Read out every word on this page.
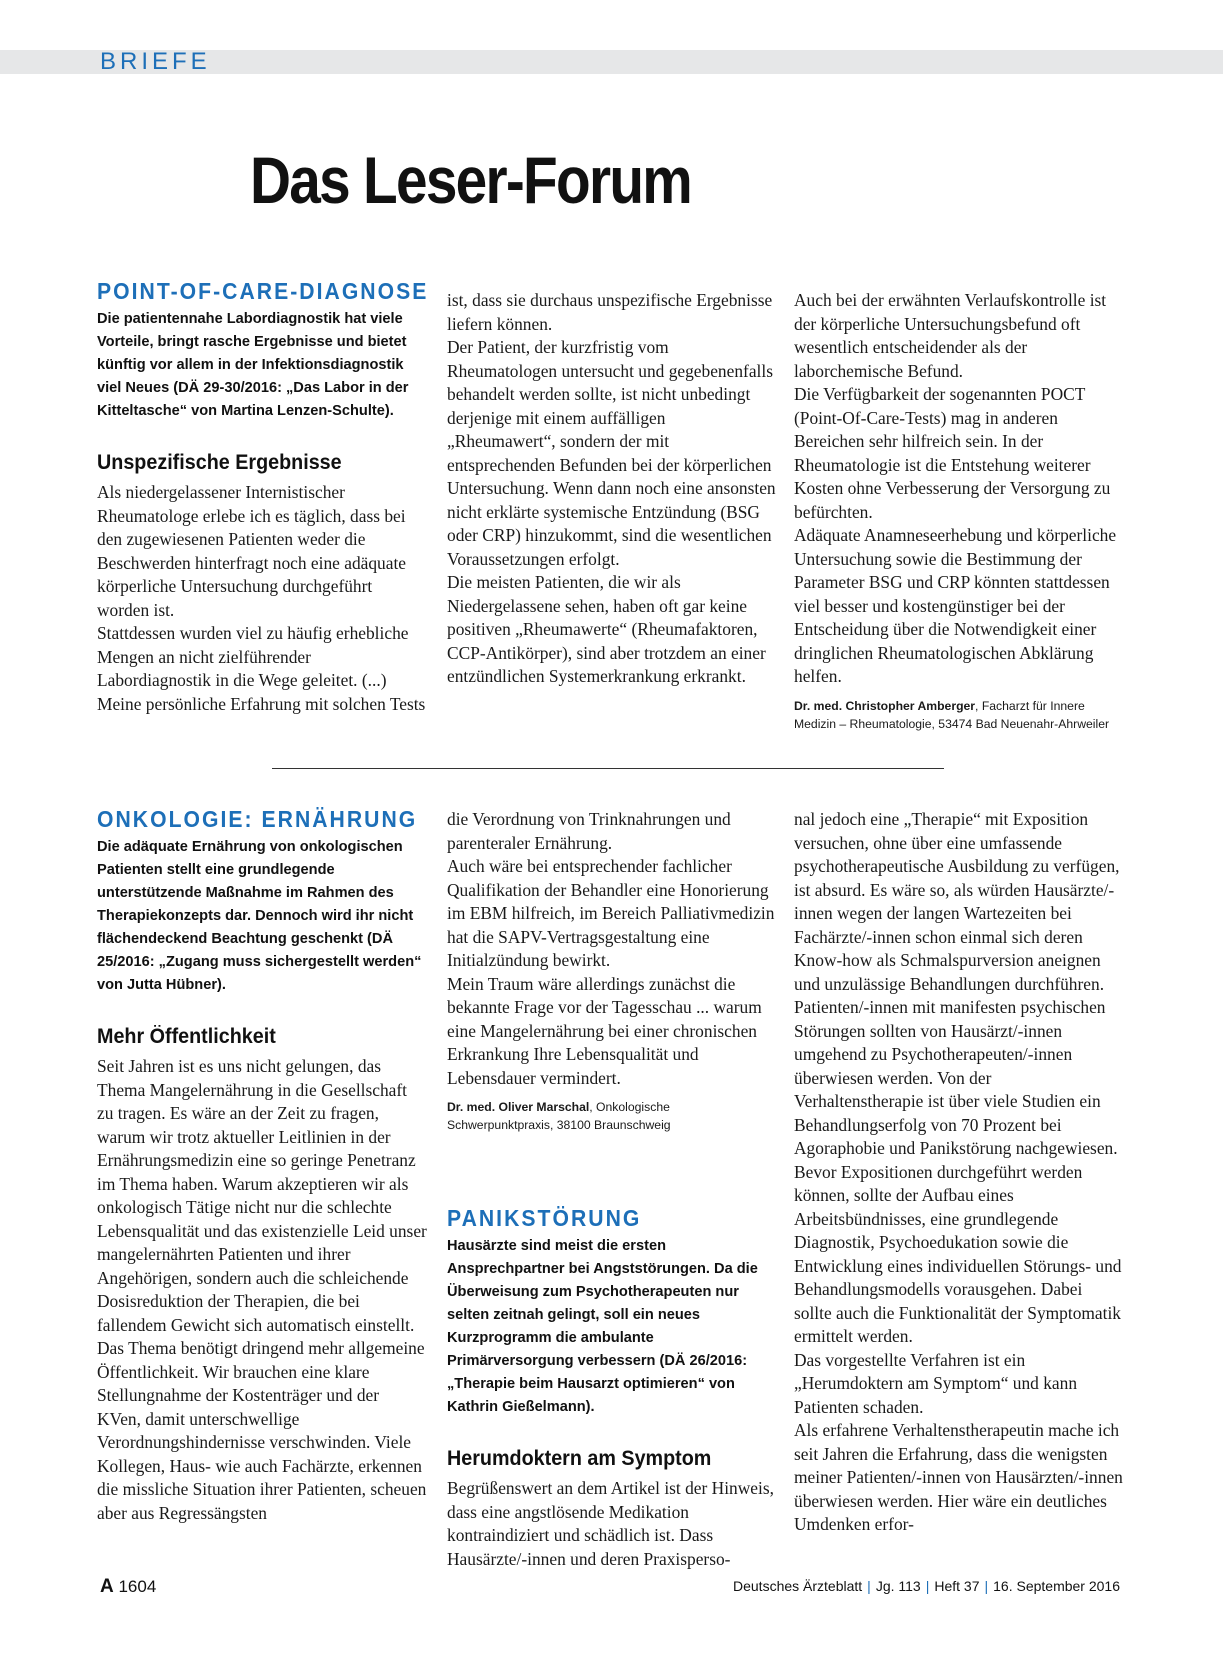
BRIEFE
Das Leser-Forum
POINT-OF-CARE-DIAGNOSE

Die patientennahe Labordiagnostik hat viele Vorteile, bringt rasche Ergebnisse und bietet künftig vor allem in der Infektionsdiagnostik viel Neues (DÄ 29-30/2016: „Das Labor in der Kitteltasche“ von Martina Lenzen-Schulte).

Unspezifische Ergebnisse

Als niedergelassener Internistischer Rheumatologe erlebe ich es täglich, dass bei den zugewiesenen Patienten weder die Beschwerden hinterfragt noch eine adäquate körperliche Untersuchung durchgeführt worden ist.

Stattdessen wurden viel zu häufig erhebliche Mengen an nicht zielführender Labordiagnostik in die Wege geleitet. (...) Meine persönliche Erfahrung mit solchen Tests

ist, dass sie durchaus unspezifische Ergebnisse liefern können.

Der Patient, der kurzfristig vom Rheumatologen untersucht und gegebenenfalls behandelt werden sollte, ist nicht unbedingt derjenige mit einem auffälligen „Rheumawert“, sondern der mit entsprechenden Befunden bei der körperlichen Untersuchung. Wenn dann noch eine ansonsten nicht erklärte systemische Entzündung (BSG oder CRP) hinzukommt, sind die wesentlichen Voraussetzungen erfolgt.

Die meisten Patienten, die wir als Niedergelassene sehen, haben oft gar keine positiven „Rheumawerte“ (Rheumafaktoren, CCP-Antikörper), sind aber trotzdem an einer entzündlichen Systemerkrankung erkrankt.

Auch bei der erwähnten Verlaufskontrolle ist der körperliche Untersuchungsbefund oft wesentlich entscheidender als der laborchemische Befund.

Die Verfügbarkeit der sogenannten POCT (Point-Of-Care-Tests) mag in anderen Bereichen sehr hilfreich sein. In der Rheumatologie ist die Entstehung weiterer Kosten ohne Verbesserung der Versorgung zu befürchten.

Adäquate Anamneseerhebung und körperliche Untersuchung sowie die Bestimmung der Parameter BSG und CRP könnten stattdessen viel besser und kostengünstiger bei der Entscheidung über die Notwendigkeit einer dringlichen Rheumatologischen Abklärung helfen.

Dr. med. Christopher Amberger, Facharzt für Innere Medizin – Rheumatologie, 53474 Bad Neuenahr-Ahrweiler
ONKOLOGIE: ERNÄHRUNG

Die adäquate Ernährung von onkologischen Patienten stellt eine grundlegende unterstützende Maßnahme im Rahmen des Therapiekonzepts dar. Dennoch wird ihr nicht flächendeckend Beachtung geschenkt (DÄ 25/2016: „Zugang muss sichergestellt werden“ von Jutta Hübner).

Mehr Öffentlichkeit

Seit Jahren ist es uns nicht gelungen, das Thema Mangelernährung in die Gesellschaft zu tragen. Es wäre an der Zeit zu fragen, warum wir trotz aktueller Leitlinien in der Ernährungsmedizin eine so geringe Penetranz im Thema haben. Warum akzeptieren wir als onkologisch Tätige nicht nur die schlechte Lebensqualität und das existenzielle Leid unser mangelernährten Patienten und ihrer Angehörigen, sondern auch die schleichende Dosisreduktion der Therapien, die bei fallendem Gewicht sich automatisch einstellt.

Das Thema benötigt dringend mehr allgemeine Öffentlichkeit. Wir brauchen eine klare Stellungnahme der Kostenträger und der KVen, damit unterschwellige Verordnungshindernisse verschwinden. Viele Kollegen, Haus- wie auch Fachärzte, erkennen die missliche Situation ihrer Patienten, scheuen aber aus Regressängsten

die Verordnung von Trinknahrungen und parenteraler Ernährung.

Auch wäre bei entsprechender fachlicher Qualifikation der Behandler eine Honorierung im EBM hilfreich, im Bereich Palliativmedizin hat die SAPV-Vertragsgestaltung eine Initialzündung bewirkt.

Mein Traum wäre allerdings zunächst die bekannte Frage vor der Tagesschau ... warum eine Mangelernährung bei einer chronischen Erkrankung Ihre Lebensqualität und Lebensdauer vermindert.

Dr. med. Oliver Marschal, Onkologische Schwerpunktpraxis, 38100 Braunschweig
PANIKSTÖRUNG

Hausärzte sind meist die ersten Ansprechpartner bei Angststörungen. Da die Überweisung zum Psychotherapeuten nur selten zeitnah gelingt, soll ein neues Kurzprogramm die ambulante Primärversorgung verbessern (DÄ 26/2016: „Therapie beim Hausarzt optimieren“ von Kathrin Gießelmann).

Herumdoktern am Symptom

Begrüßenswert an dem Artikel ist der Hinweis, dass eine angstlösende Medikation kontraindiziert und schädlich ist. Dass Hausärzte/-innen und deren Praxisperso-

nal jedoch eine „Therapie“ mit Exposition versuchen, ohne über eine umfassende psychotherapeutische Ausbildung zu verfügen, ist absurd. Es wäre so, als würden Hausärzte/-innen wegen der langen Wartezeiten bei Fachärzte/-innen schon einmal sich deren Know-how als Schmalspurversion aneignen und unzulässige Behandlungen durchführen.

Patienten/-innen mit manifesten psychischen Störungen sollten von Hausärzt/-innen umgehend zu Psychotherapeuten/-innen überwiesen werden. Von der Verhaltenstherapie ist über viele Studien ein Behandlungserfolg von 70 Prozent bei Agoraphobie und Panikstörung nachgewiesen. Bevor Expositionen durchgeführt werden können, sollte der Aufbau eines Arbeitsbündnisses, eine grundlegende Diagnostik, Psychoedukation sowie die Entwicklung eines individuellen Störungs- und Behandlungsmodells vorausgehen. Dabei sollte auch die Funktionalität der Symptomatik ermittelt werden.

Das vorgestellte Verfahren ist ein „Herumdoktern am Symptom“ und kann Patienten schaden.

Als erfahrene Verhaltenstherapeutin mache ich seit Jahren die Erfahrung, dass die wenigsten meiner Patienten/-innen von Hausärzten/-innen überwiesen werden. Hier wäre ein deutliches Umdenken erfor-

A 1604	Deutsches Ärzteblatt | Jg. 113 | Heft 37 | 16. September 2016
